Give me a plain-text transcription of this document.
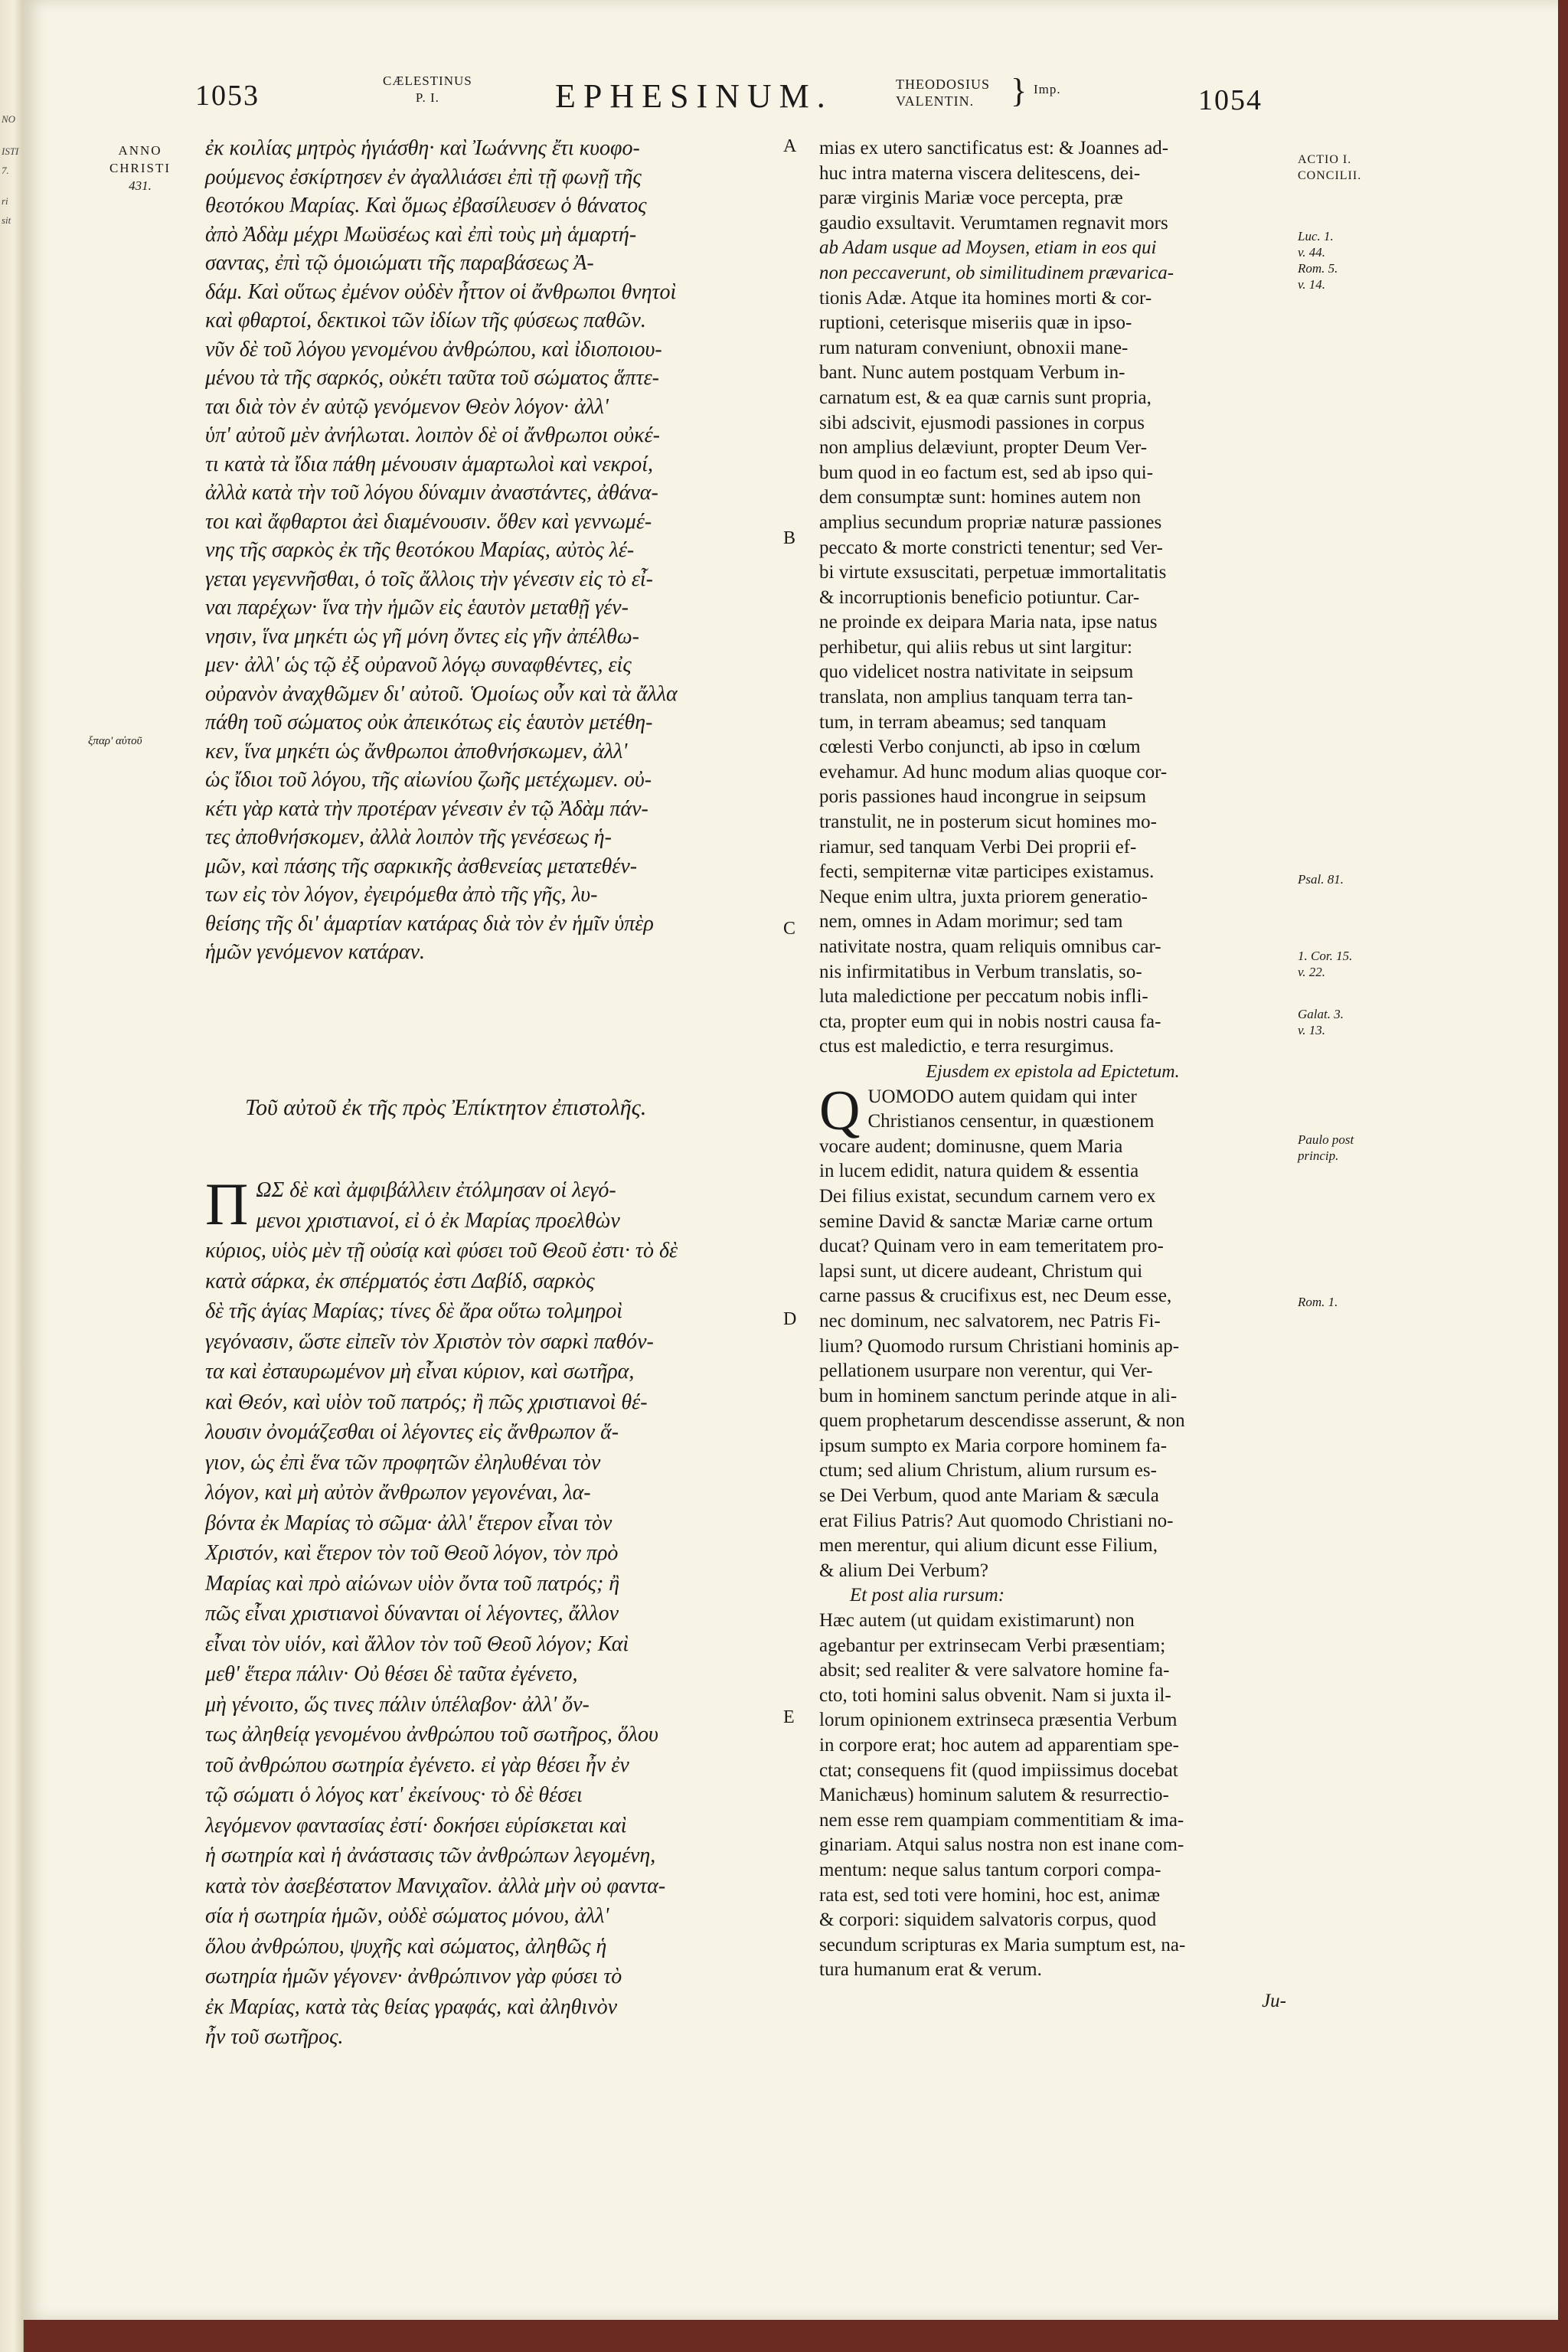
NO
ISTI
7.
ri
sit
1053	CÆLESTINUS
P. I.	EPHESINUM.	THEODOSIUS
VALENTIN.	} Imp.	1054
ANNO
CHRISTI
431.
ξπαρ' αὐτοῦ

ἐκ κοιλίας μητρὸς ἡγιάσθη· καὶ Ἰωάννης ἔτι κυοφο-

ρούμενος ἐσκίρτησεν ἐν ἀγαλλιάσει ἐπὶ τῇ φωνῇ τῆς

θεοτόκου Μαρίας. Καὶ ὅμως ἐβασίλευσεν ὁ θάνατος

ἀπὸ Ἀδὰμ μέχρι Μωϋσέως καὶ ἐπὶ τοὺς μὴ ἁμαρτή-

σαντας, ἐπὶ τῷ ὁμοιώματι τῆς παραβάσεως Ἀ-

δάμ. Καὶ οὕτως ἐμένον οὐδὲν ἧττον οἱ ἄνθρωποι θνητοὶ

καὶ φθαρτοί, δεκτικοὶ τῶν ἰδίων τῆς φύσεως παθῶν.

νῦν δὲ τοῦ λόγου γενομένου ἀνθρώπου, καὶ ἰδιοποιου-

μένου τὰ τῆς σαρκός, οὐκέτι ταῦτα τοῦ σώματος ἅπτε-

ται διὰ τὸν ἐν αὐτῷ γενόμενον Θεὸν λόγον· ἀλλ'

ὑπ' αὐτοῦ μὲν ἀνήλωται. λοιπὸν δὲ οἱ ἄνθρωποι οὐκέ-

τι κατὰ τὰ ἴδια πάθη μένουσιν ἁμαρτωλοὶ καὶ νεκροί,

ἀλλὰ κατὰ τὴν τοῦ λόγου δύναμιν ἀναστάντες, ἀθάνα-

τοι καὶ ἄφθαρτοι ἀεὶ διαμένουσιν. ὅθεν καὶ γεννωμέ-

νης τῆς σαρκὸς ἐκ τῆς θεοτόκου Μαρίας, αὐτὸς λέ-

γεται γεγεννῆσθαι, ὁ τοῖς ἄλλοις τὴν γένεσιν εἰς τὸ εἶ-

ναι παρέχων· ἵνα τὴν ἡμῶν εἰς ἑαυτὸν μεταθῇ γέν-

νησιν, ἵνα μηκέτι ὡς γῆ μόνη ὄντες εἰς γῆν ἀπέλθω-

μεν· ἀλλ' ὡς τῷ ἐξ οὐρανοῦ λόγῳ συναφθέντες, εἰς

οὐρανὸν ἀναχθῶμεν δι' αὐτοῦ. Ὁμοίως οὖν καὶ τὰ ἄλλα

πάθη τοῦ σώματος οὐκ ἀπεικότως εἰς ἑαυτὸν μετέθη-

κεν, ἵνα μηκέτι ὡς ἄνθρωποι ἀποθνήσκωμεν, ἀλλ'

ὡς ἴδιοι τοῦ λόγου, τῆς αἰωνίου ζωῆς μετέχωμεν. οὐ-

κέτι γὰρ κατὰ τὴν προτέραν γένεσιν ἐν τῷ Ἀδὰμ πάν-

τες ἀποθνήσκομεν, ἀλλὰ λοιπὸν τῆς γενέσεως ἡ-

μῶν, καὶ πάσης τῆς σαρκικῆς ἀσθενείας μετατεθέν-

των εἰς τὸν λόγον, ἐγειρόμεθα ἀπὸ τῆς γῆς, λυ-

θείσης τῆς δι' ἁμαρτίαν κατάρας διὰ τὸν ἐν ἡμῖν ὑπὲρ

ἡμῶν γενόμενον κατάραν.

Τοῦ αὐτοῦ ἐκ τῆς πρὸς Ἐπίκτητον ἐπιστολῆς.
Π ΩΣ δὲ καὶ ἀμφιβάλλειν ἐτόλμησαν οἱ λεγό-

μενοι χριστιανοί, εἰ ὁ ἐκ Μαρίας προελθὼν

κύριος, υἱὸς μὲν τῇ οὐσίᾳ καὶ φύσει τοῦ Θεοῦ ἐστι· τὸ δὲ

κατὰ σάρκα, ἐκ σπέρματός ἐστι Δαβίδ, σαρκὸς

δὲ τῆς ἁγίας Μαρίας; τίνες δὲ ἄρα οὕτω τολμηροὶ

γεγόνασιν, ὥστε εἰπεῖν τὸν Χριστὸν τὸν σαρκὶ παθόν-

τα καὶ ἐσταυρωμένον μὴ εἶναι κύριον, καὶ σωτῆρα,

καὶ Θεόν, καὶ υἱὸν τοῦ πατρός; ἢ πῶς χριστιανοὶ θέ-

λουσιν ὀνομάζεσθαι οἱ λέγοντες εἰς ἄνθρωπον ἅ-

γιον, ὡς ἐπὶ ἕνα τῶν προφητῶν ἐληλυθέναι τὸν

λόγον, καὶ μὴ αὐτὸν ἄνθρωπον γεγονέναι, λα-

βόντα ἐκ Μαρίας τὸ σῶμα· ἀλλ' ἕτερον εἶναι τὸν

Χριστόν, καὶ ἕτερον τὸν τοῦ Θεοῦ λόγον, τὸν πρὸ

Μαρίας καὶ πρὸ αἰώνων υἱὸν ὄντα τοῦ πατρός; ἢ

πῶς εἶναι χριστιανοὶ δύνανται οἱ λέγοντες, ἄλλον

εἶναι τὸν υἱόν, καὶ ἄλλον τὸν τοῦ Θεοῦ λόγον; Καὶ

μεθ' ἕτερα πάλιν· Οὐ θέσει δὲ ταῦτα ἐγένετο,

μὴ γένοιτο, ὥς τινες πάλιν ὑπέλαβον· ἀλλ' ὄν-

τως ἀληθείᾳ γενομένου ἀνθρώπου τοῦ σωτῆρος, ὅλου

τοῦ ἀνθρώπου σωτηρία ἐγένετο. εἰ γὰρ θέσει ἦν ἐν

τῷ σώματι ὁ λόγος κατ' ἐκείνους· τὸ δὲ θέσει

λεγόμενον φαντασίας ἐστί· δοκήσει εὑρίσκεται καὶ

ἡ σωτηρία καὶ ἡ ἀνάστασις τῶν ἀνθρώπων λεγομένη,

κατὰ τὸν ἀσεβέστατον Μανιχαῖον. ἀλλὰ μὴν οὐ φαντα-

σία ἡ σωτηρία ἡμῶν, οὐδὲ σώματος μόνου, ἀλλ'

ὅλου ἀνθρώπου, ψυχῆς καὶ σώματος, ἀληθῶς ἡ

σωτηρία ἡμῶν γέγονεν· ἀνθρώπινον γὰρ φύσει τὸ

ἐκ Μαρίας, κατὰ τὰς θείας γραφάς, καὶ ἀληθινὸν

ἦν τοῦ σωτῆρος.

A
B
C
D
E

mias ex utero sanctificatus est: & Joannes ad-

huc intra materna viscera delitescens, dei-

paræ virginis Mariæ voce percepta, præ

gaudio exsultavit. Verumtamen regnavit mors

ab Adam usque ad Moysen, etiam in eos qui

non peccaverunt, ob similitudinem prævarica-

tionis Adæ. Atque ita homines morti & cor-

ruptioni, ceterisque miseriis quæ in ipso-

rum naturam conveniunt, obnoxii mane-

bant. Nunc autem postquam Verbum in-

carnatum est, & ea quæ carnis sunt propria,

sibi adscivit, ejusmodi passiones in corpus

non amplius delæviunt, propter Deum Ver-

bum quod in eo factum est, sed ab ipso qui-

dem consumptæ sunt: homines autem non

amplius secundum propriæ naturæ passiones

peccato & morte constricti tenentur; sed Ver-

bi virtute exsuscitati, perpetuæ immortalitatis

& incorruptionis beneficio potiuntur. Car-

ne proinde ex deipara Maria nata, ipse natus

perhibetur, qui aliis rebus ut sint largitur:

quo videlicet nostra nativitate in seipsum

translata, non amplius tanquam terra tan-

tum, in terram abeamus; sed tanquam

cœlesti Verbo conjuncti, ab ipso in cœlum

evehamur. Ad hunc modum alias quoque cor-

poris passiones haud incongrue in seipsum

transtulit, ne in posterum sicut homines mo-

riamur, sed tanquam Verbi Dei proprii ef-

fecti, sempiternæ vitæ participes existamus.

Neque enim ultra, juxta priorem generatio-

nem, omnes in Adam morimur; sed tam

nativitate nostra, quam reliquis omnibus car-

nis infirmitatibus in Verbum translatis, so-

luta maledictione per peccatum nobis infli-

cta, propter eum qui in nobis nostri causa fa-

ctus est maledictio, e terra resurgimus.

Ejusdem ex epistola ad Epictetum.

Q UOMODO autem quidam qui inter

Christianos censentur, in quæstionem

vocare audent; dominusne, quem Maria

in lucem edidit, natura quidem & essentia

Dei filius existat, secundum carnem vero ex

semine David & sanctæ Mariæ carne ortum

ducat? Quinam vero in eam temeritatem pro-

lapsi sunt, ut dicere audeant, Christum qui

carne passus & crucifixus est, nec Deum esse,

nec dominum, nec salvatorem, nec Patris Fi-

lium? Quomodo rursum Christiani hominis ap-

pellationem usurpare non verentur, qui Ver-

bum in hominem sanctum perinde atque in ali-

quem prophetarum descendisse asserunt, & non

ipsum sumpto ex Maria corpore hominem fa-

ctum; sed alium Christum, alium rursum es-

se Dei Verbum, quod ante Mariam & sæcula

erat Filius Patris? Aut quomodo Christiani no-

men merentur, qui alium dicunt esse Filium,

& alium Dei Verbum?

Et post alia rursum:

Hæc autem (ut quidam existimarunt) non

agebantur per extrinsecam Verbi præsentiam;

absit; sed realiter & vere salvatore homine fa-

cto, toti homini salus obvenit. Nam si juxta il-

lorum opinionem extrinseca præsentia Verbum

in corpore erat; hoc autem ad apparentiam spe-

ctat; consequens fit (quod impiissimus docebat

Manichæus) hominum salutem & resurrectio-

nem esse rem quampiam commentitiam & ima-

ginariam. Atqui salus nostra non est inane com-

mentum: neque salus tantum corpori compa-

rata est, sed toti vere homini, hoc est, animæ

& corpori: siquidem salvatoris corpus, quod

secundum scripturas ex Maria sumptum est, na-

tura humanum erat & verum.

Ju-

ACTIO I.
CONCILII.
Luc. 1.
v. 44.
Rom. 5.
v. 14.
Psal. 81.
1. Cor. 15.
v. 22.
Galat. 3.
v. 13.
Paulo post
princip.
Rom. 1.
